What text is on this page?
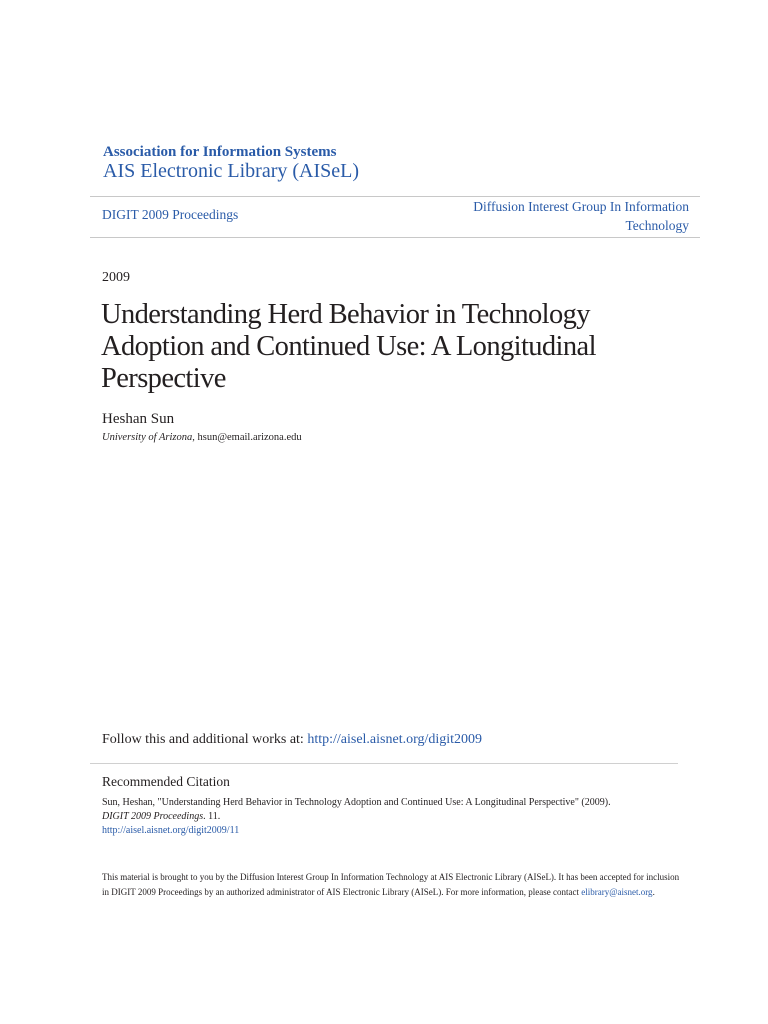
Association for Information Systems
AIS Electronic Library (AISeL)
DIGIT 2009 Proceedings
Diffusion Interest Group In Information Technology
2009
Understanding Herd Behavior in Technology Adoption and Continued Use: A Longitudinal Perspective
Heshan Sun
University of Arizona, hsun@email.arizona.edu
Follow this and additional works at: http://aisel.aisnet.org/digit2009
Recommended Citation
Sun, Heshan, "Understanding Herd Behavior in Technology Adoption and Continued Use: A Longitudinal Perspective" (2009).
DIGIT 2009 Proceedings. 11.
http://aisel.aisnet.org/digit2009/11
This material is brought to you by the Diffusion Interest Group In Information Technology at AIS Electronic Library (AISeL). It has been accepted for inclusion in DIGIT 2009 Proceedings by an authorized administrator of AIS Electronic Library (AISeL). For more information, please contact elibrary@aisnet.org.
